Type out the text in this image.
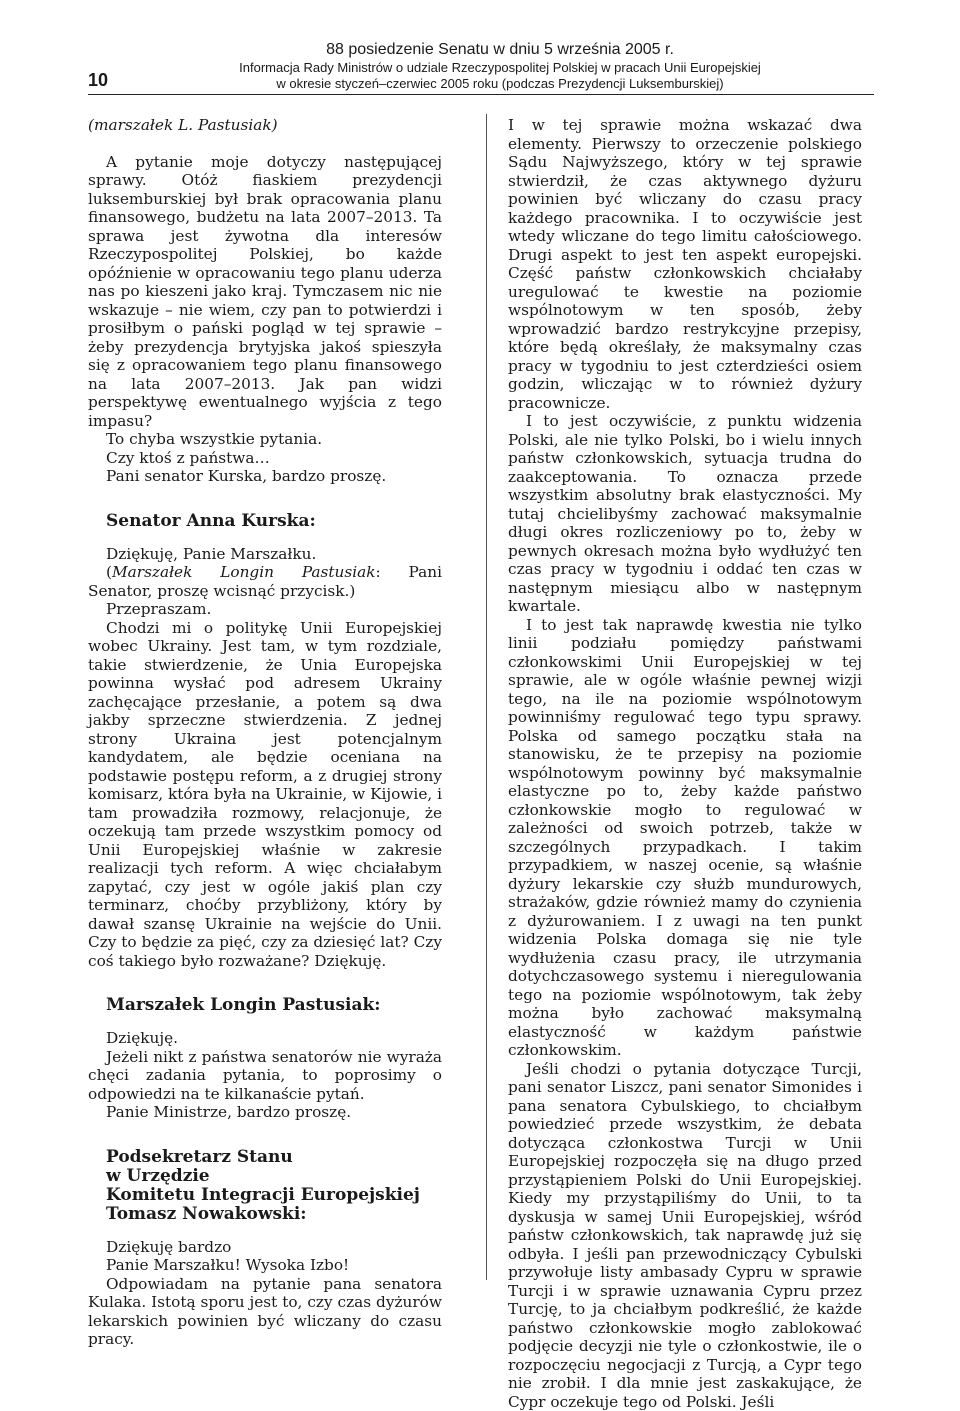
10
88 posiedzenie Senatu w dniu 5 września 2005 r.
Informacja Rady Ministrów o udziale Rzeczypospolitej Polskiej w pracach Unii Europejskiej
w okresie styczeń–czerwiec 2005 roku (podczas Prezydencji Luksemburskiej)

(marszałek L. Pastusiak)

A pytanie moje dotyczy następującej sprawy. Otóż fiaskiem prezydencji luksemburskiej był brak opracowania planu finansowego, budżetu na lata 2007–2013. Ta sprawa jest żywotna dla interesów Rzeczypospolitej Polskiej, bo każde opóźnienie w opracowaniu tego planu uderza nas po kieszeni jako kraj. Tymczasem nic nie wskazuje – nie wiem, czy pan to potwierdzi i prosiłbym o pański pogląd w tej sprawie – żeby prezydencja brytyjska jakoś spieszyła się z opracowaniem tego planu finansowego na lata 2007–2013. Jak pan widzi perspektywę ewentualnego wyjścia z tego impasu?

To chyba wszystkie pytania.

Czy ktoś z państwa…

Pani senator Kurska, bardzo proszę.

Senator Anna Kurska:

Dziękuję, Panie Marszałku.

(Marszałek Longin Pastusiak: Pani Senator, proszę wcisnąć przycisk.)

Przepraszam.

Chodzi mi o politykę Unii Europejskiej wobec Ukrainy. Jest tam, w tym rozdziale, takie stwierdzenie, że Unia Europejska powinna wysłać pod adresem Ukrainy zachęcające przesłanie, a potem są dwa jakby sprzeczne stwierdzenia. Z jednej strony Ukraina jest potencjalnym kandydatem, ale będzie oceniana na podstawie postępu reform, a z drugiej strony komisarz, która była na Ukrainie, w Kijowie, i tam prowadziła rozmowy, relacjonuje, że oczekują tam przede wszystkim pomocy od Unii Europejskiej właśnie w zakresie realizacji tych reform. A więc chciałabym zapytać, czy jest w ogóle jakiś plan czy terminarz, choćby przybliżony, który by dawał szansę Ukrainie na wejście do Unii. Czy to będzie za pięć, czy za dziesięć lat? Czy coś takiego było rozważane? Dziękuję.

Marszałek Longin Pastusiak:

Dziękuję.

Jeżeli nikt z państwa senatorów nie wyraża chęci zadania pytania, to poprosimy o odpowiedzi na te kilkanaście pytań.

Panie Ministrze, bardzo proszę.

Podsekretarz Stanu
w Urzędzie
Komitetu Integracji Europejskiej
Tomasz Nowakowski:

Dziękuję bardzo

Panie Marszałku! Wysoka Izbo!

Odpowiadam na pytanie pana senatora Kulaka. Istotą sporu jest to, czy czas dyżurów lekarskich powinien być wliczany do czasu pracy.

I w tej sprawie można wskazać dwa elementy. Pierwszy to orzeczenie polskiego Sądu Najwyższego, który w tej sprawie stwierdził, że czas aktywnego dyżuru powinien być wliczany do czasu pracy każdego pracownika. I to oczywiście jest wtedy wliczane do tego limitu całościowego. Drugi aspekt to jest ten aspekt europejski. Część państw członkowskich chciałaby uregulować te kwestie na poziomie wspólnotowym w ten sposób, żeby wprowadzić bardzo restrykcyjne przepisy, które będą określały, że maksymalny czas pracy w tygodniu to jest czterdzieści osiem godzin, wliczając w to również dyżury pracownicze.

I to jest oczywiście, z punktu widzenia Polski, ale nie tylko Polski, bo i wielu innych państw członkowskich, sytuacja trudna do zaakceptowania. To oznacza przede wszystkim absolutny brak elastyczności. My tutaj chcielibyśmy zachować maksymalnie długi okres rozliczeniowy po to, żeby w pewnych okresach można było wydłużyć ten czas pracy w tygodniu i oddać ten czas w następnym miesiącu albo w następnym kwartale.

I to jest tak naprawdę kwestia nie tylko linii podziału pomiędzy państwami członkowskimi Unii Europejskiej w tej sprawie, ale w ogóle właśnie pewnej wizji tego, na ile na poziomie wspólnotowym powinniśmy regulować tego typu sprawy. Polska od samego początku stała na stanowisku, że te przepisy na poziomie wspólnotowym powinny być maksymalnie elastyczne po to, żeby każde państwo członkowskie mogło to regulować w zależności od swoich potrzeb, także w szczególnych przypadkach. I takim przypadkiem, w naszej ocenie, są właśnie dyżury lekarskie czy służb mundurowych, strażaków, gdzie również mamy do czynienia z dyżurowaniem. I z uwagi na ten punkt widzenia Polska domaga się nie tyle wydłużenia czasu pracy, ile utrzymania dotychczasowego systemu i nieregulowania tego na poziomie wspólnotowym, tak żeby można było zachować maksymalną elastyczność w każdym państwie członkowskim.

Jeśli chodzi o pytania dotyczące Turcji, pani senator Liszcz, pani senator Simonides i pana senatora Cybulskiego, to chciałbym powiedzieć przede wszystkim, że debata dotycząca członkostwa Turcji w Unii Europejskiej rozpoczęła się na długo przed przystąpieniem Polski do Unii Europejskiej. Kiedy my przystąpiliśmy do Unii, to ta dyskusja w samej Unii Europejskiej, wśród państw członkowskich, tak naprawdę już się odbyła. I jeśli pan przewodniczący Cybulski przywołuje listy ambasady Cypru w sprawie Turcji i w sprawie uznawania Cypru przez Turcję, to ja chciałbym podkreślić, że każde państwo członkowskie mogło zablokować podjęcie decyzji nie tyle o członkostwie, ile o rozpoczęciu negocjacji z Turcją, a Cypr tego nie zrobił. I dla mnie jest zaskakujące, że Cypr oczekuje tego od Polski. Jeśli
